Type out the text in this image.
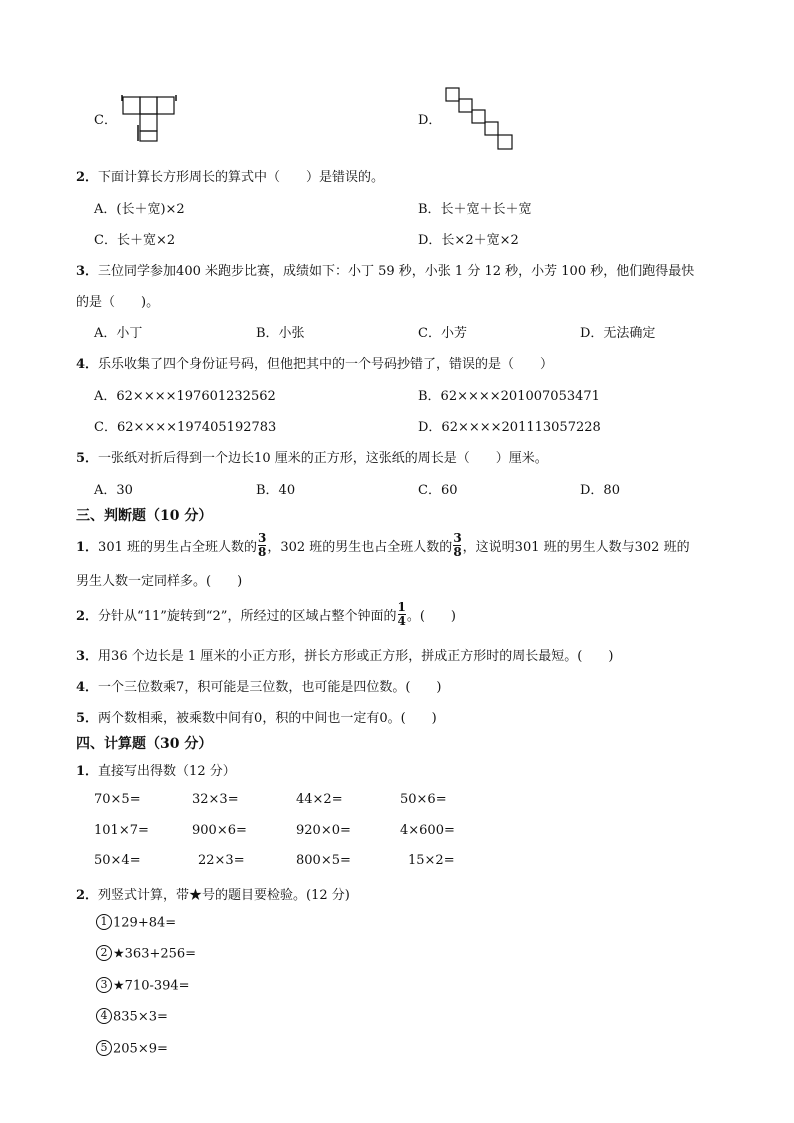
C．	D．
2．下面计算长方形周长的算式中（　　）是错误的。
A．(长＋宽)×2	B．长＋宽＋长＋宽
C．长＋宽×2	D．长×2＋宽×2
3．三位同学参加400 米跑步比赛，成绩如下：小丁 59 秒，小张 1 分 12 秒，小芳 100 秒，他们跑得最快
的是（　　)。
A．小丁	B．小张	C．小芳	D．无法确定
4．乐乐收集了四个身份证号码，但他把其中的一个号码抄错了，错误的是（　　）
A．62××××197601232562	B．62××××201007053471
C．62××××197405192783	D．62××××201113057228
5．一张纸对折后得到一个边长10 厘米的正方形，这张纸的周长是（　　）厘米。
A．30	B．40	C．60	D．80
三、判断题（10 分）
1．301 班的男生占全班人数的 $\frac{3}{8}$ ，302 班的男生也占全班人数的 $\frac{3}{8}$ ，这说明301 班的男生人数与302 班的
男生人数一定同样多。(　　)
2．分针从“11”旋转到“2”，所经过的区域占整个钟面的 $\frac{1}{4}$ 。(　　)
3．用36 个边长是 1 厘米的小正方形，拼长方形或正方形，拼成正方形时的周长最短。(　　)
4．一个三位数乘7，积可能是三位数，也可能是四位数。(　　)
5．两个数相乘，被乘数中间有0，积的中间也一定有0。(　　)
四、计算题（30 分）
1．直接写出得数（12 分）
70×5=	32×3=	44×2=	50×6=
101×7=	900×6=	920×0=	4×600=
50×4=	22×3=	800×5=	15×2=
2．列竖式计算，带★号的题目要检验。(12 分)
1 129+84=
2 ★363+256=
3 ★710-394=
4 835×3=
5 205×9=
